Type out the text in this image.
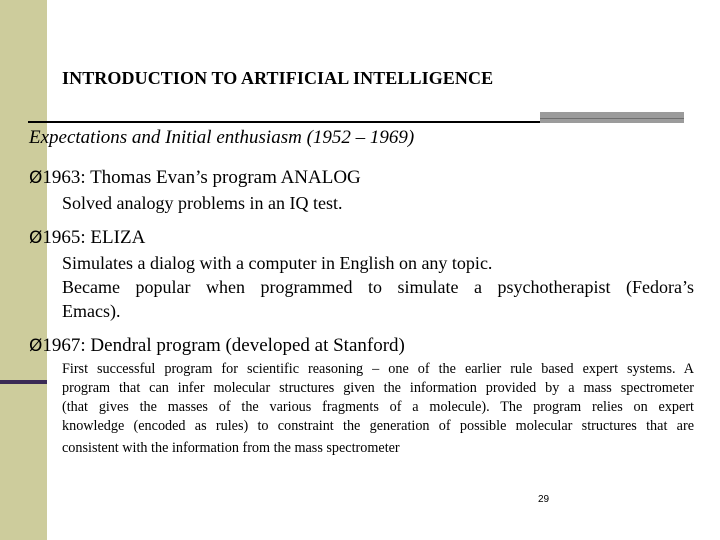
INTRODUCTION TO ARTIFICIAL INTELLIGENCE
Expectations and Initial enthusiasm (1952 – 1969)
Ø1963: Thomas Evan’s program ANALOG
Solved analogy problems in an IQ test.
Ø1965: ELIZA
Simulates a dialog with a computer in English on any topic.
Became popular when programmed to simulate a psychotherapist (Fedora’s
Emacs).
Ø1967: Dendral program (developed at Stanford)
First successful program for scientific reasoning – one of the earlier rule based expert systems. A
program that can infer molecular structures given the information provided by a mass spectrometer
(that gives the masses of the various fragments of a molecule). The program relies on expert
knowledge (encoded as rules) to constraint the generation of possible molecular structures that are
consistent with the information from the mass spectrometer
29
